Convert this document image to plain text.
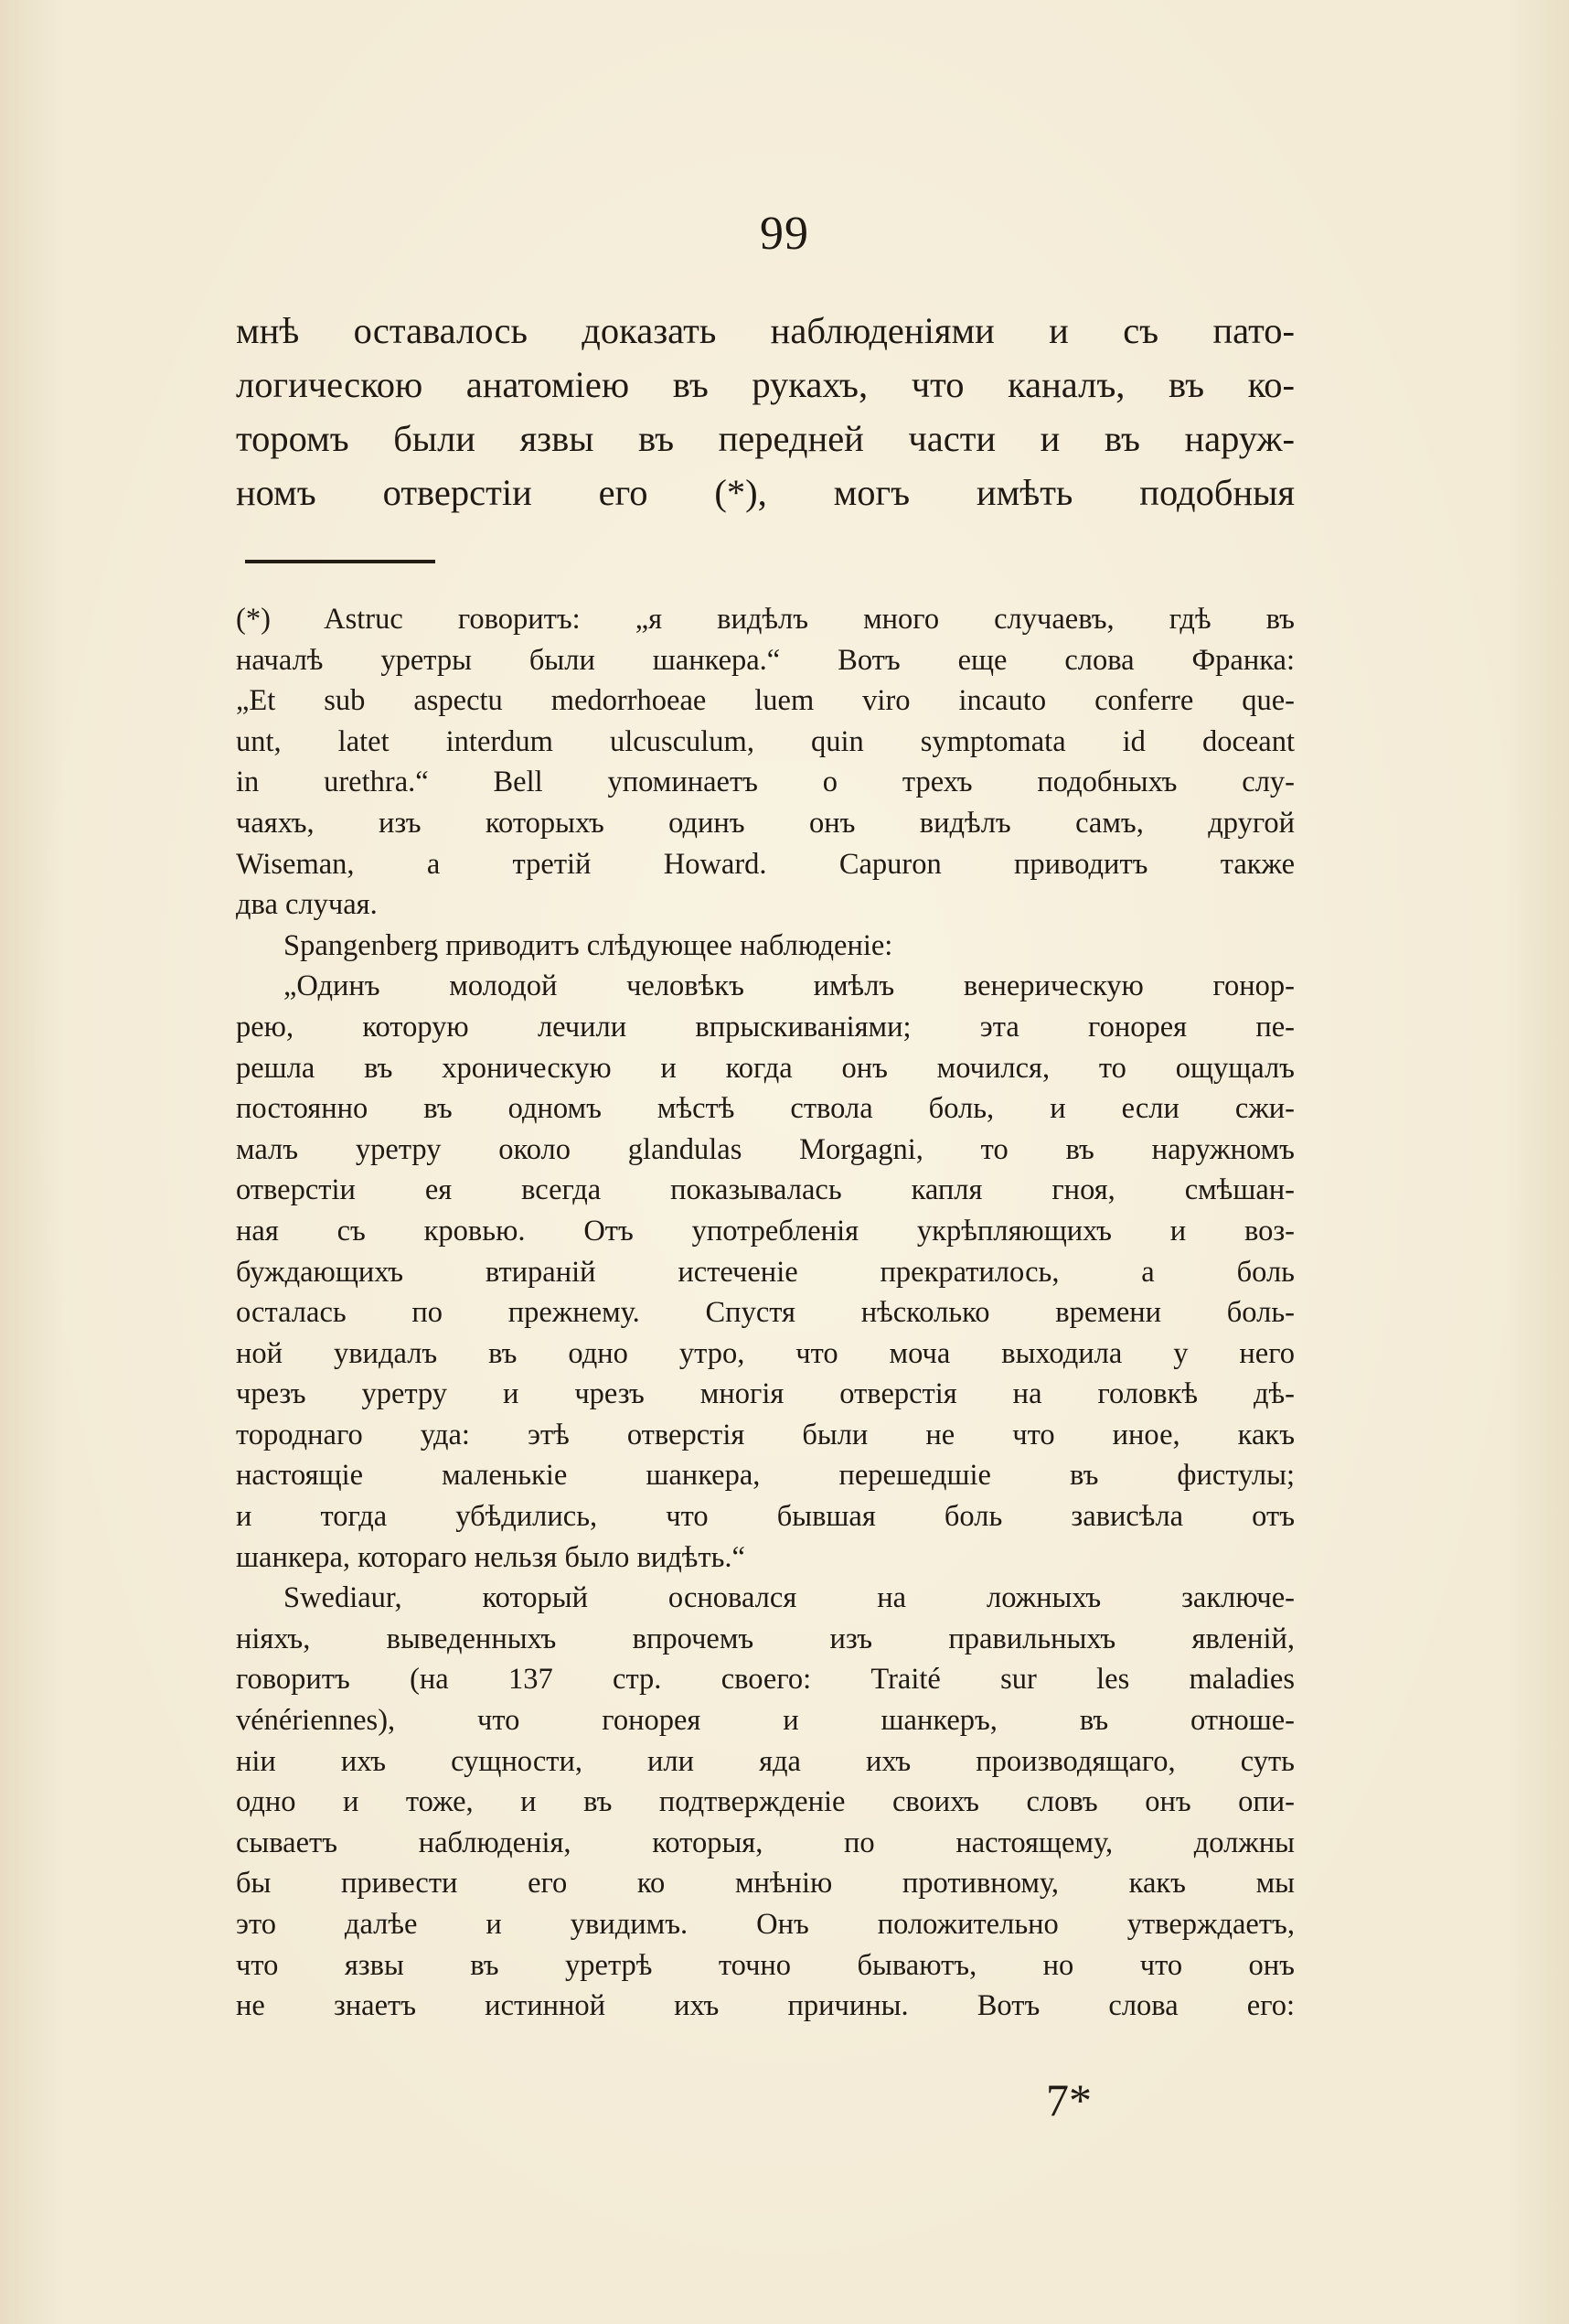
99
мнѣ оставалось доказать наблюденіями и съ пато-
логическою анатоміею въ рукахъ, что каналъ, въ ко-
торомъ были язвы въ передней части и въ наруж-
номъ отверстіи его (*), могъ имѣть подобныя
(*) Astruc говоритъ: „я видѣлъ много случаевъ, гдѣ въ
началѣ уретры были шанкера.“ Вотъ еще слова Франка:
„Et sub aspectu medorrhoeae luem viro incauto conferre que-
unt, latet interdum ulcusculum, quin symptomata id doceant
in urethra.“ Bell упоминаетъ о трехъ подобныхъ слу-
чаяхъ, изъ которыхъ одинъ онъ видѣлъ самъ, другой
Wiseman, а третій Howard. Capuron приводитъ также
два случая.
Spangenberg приводитъ слѣдующее наблюденіе:
„Одинъ молодой человѣкъ имѣлъ венерическую гонор-
рею, которую лечили впрыскиваніями; эта гонорея пе-
решла въ хроническую и когда онъ мочился, то ощущалъ
постоянно въ одномъ мѣстѣ ствола боль, и если сжи-
малъ уретру около glandulas Morgagni, то въ наружномъ
отверстіи ея всегда показывалась капля гноя, смѣшан-
ная съ кровью. Отъ употребленія укрѣпляющихъ и воз-
буждающихъ втираній истеченіе прекратилось, а боль
осталась по прежнему. Спустя нѣсколько времени боль-
ной увидалъ въ одно утро, что моча выходила у него
чрезъ уретру и чрезъ многія отверстія на головкѣ дѣ-
тороднаго уда: этѣ отверстія были не что иное, какъ
настоящіе маленькіе шанкера, перешедшіе въ фистулы;
и тогда убѣдились, что бывшая боль зависѣла отъ
шанкера, котораго нельзя было видѣть.“
Swediaur, который основался на ложныхъ заключе-
ніяхъ, выведенныхъ впрочемъ изъ правильныхъ явленій,
говоритъ (на 137 стр. своего: Traité sur les maladies
vénériennes), что гонорея и шанкеръ, въ отноше-
ніи ихъ сущности, или яда ихъ производящаго, суть
одно и тоже, и въ подтвержденіе своихъ словъ онъ опи-
сываетъ наблюденія, которыя, по настоящему, должны
бы привести его ко мнѣнію противному, какъ мы
это далѣе и увидимъ. Онъ положительно утверждаетъ,
что язвы въ уретрѣ точно бываютъ, но что онъ
не знаетъ истинной ихъ причины. Вотъ слова его:
7*
